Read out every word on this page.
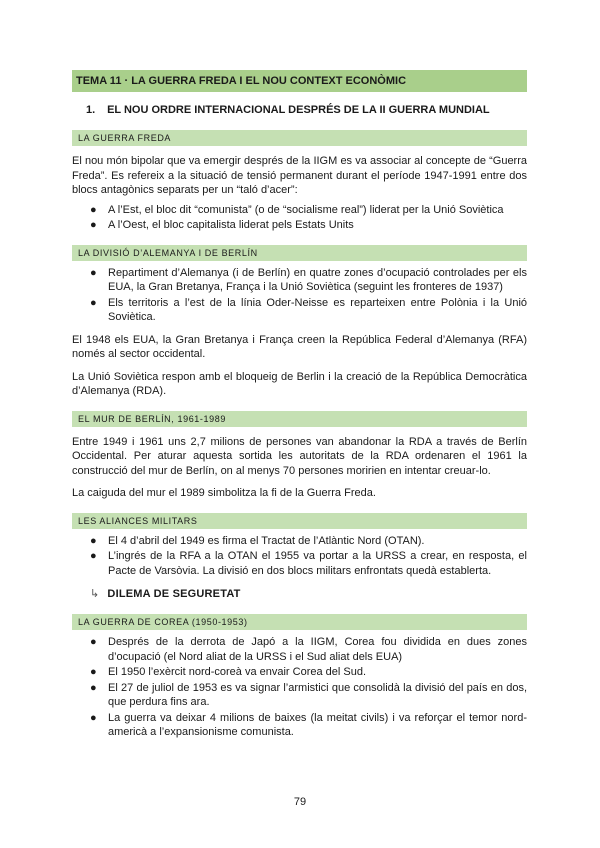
TEMA 11 · LA GUERRA FREDA I EL NOU CONTEXT ECONÒMIC
1. EL NOU ORDRE INTERNACIONAL DESPRÉS DE LA II GUERRA MUNDIAL
LA GUERRA FREDA

El nou món bipolar que va emergir després de la IIGM es va associar al concepte de “Guerra Freda”. Es refereix a la situació de tensió permanent durant el període 1947-1991 entre dos blocs antagònics separats per un “taló d’acer”:

● A l’Est, el bloc dit “comunista” (o de “socialisme real”) liderat per la Unió Soviètica
● A l’Oest, el bloc capitalista liderat pels Estats Units
LA DIVISIÓ D’ALEMANYA I DE BERLÍN
● Repartiment d’Alemanya (i de Berlín) en quatre zones d’ocupació controlades per els EUA, la Gran Bretanya, França i la Unió Soviètica (seguint les fronteres de 1937)
● Els territoris a l’est de la línia Oder-Neisse es reparteixen entre Polònia i la Unió Soviètica.

El 1948 els EUA, la Gran Bretanya i França creen la República Federal d’Alemanya (RFA) només al sector occidental.

La Unió Soviètica respon amb el bloqueig de Berlin i la creació de la República Democràtica d’Alemanya (RDA).

EL MUR DE BERLÍN, 1961-1989

Entre 1949 i 1961 uns 2,7 milions de persones van abandonar la RDA a través de Berlín Occidental. Per aturar aquesta sortida les autoritats de la RDA ordenaren el 1961 la construcció del mur de Berlín, on al menys 70 persones moririen en intentar creuar-lo.

La caiguda del mur el 1989 simbolitza la fi de la Guerra Freda.

LES ALIANCES MILITARS
● El 4 d’abril del 1949 es firma el Tractat de l’Atlàntic Nord (OTAN).
● L’ingrés de la RFA a la OTAN el 1955 va portar a la URSS a crear, en resposta, el Pacte de Varsòvia. La divisió en dos blocs militars enfrontats quedà establerta.
↳ DILEMA DE SEGURETAT
LA GUERRA DE COREA (1950-1953)
● Després de la derrota de Japó a la IIGM, Corea fou dividida en dues zones d’ocupació (el Nord aliat de la URSS i el Sud aliat dels EUA)
● El 1950 l’exèrcit nord-coreà va envair Corea del Sud.
● El 27 de juliol de 1953 es va signar l’armistici que consolidà la divisió del país en dos, que perdura fins ara.
● La guerra va deixar 4 milions de baixes (la meitat civils) i va reforçar el temor nord-americà a l’expansionisme comunista.
79
